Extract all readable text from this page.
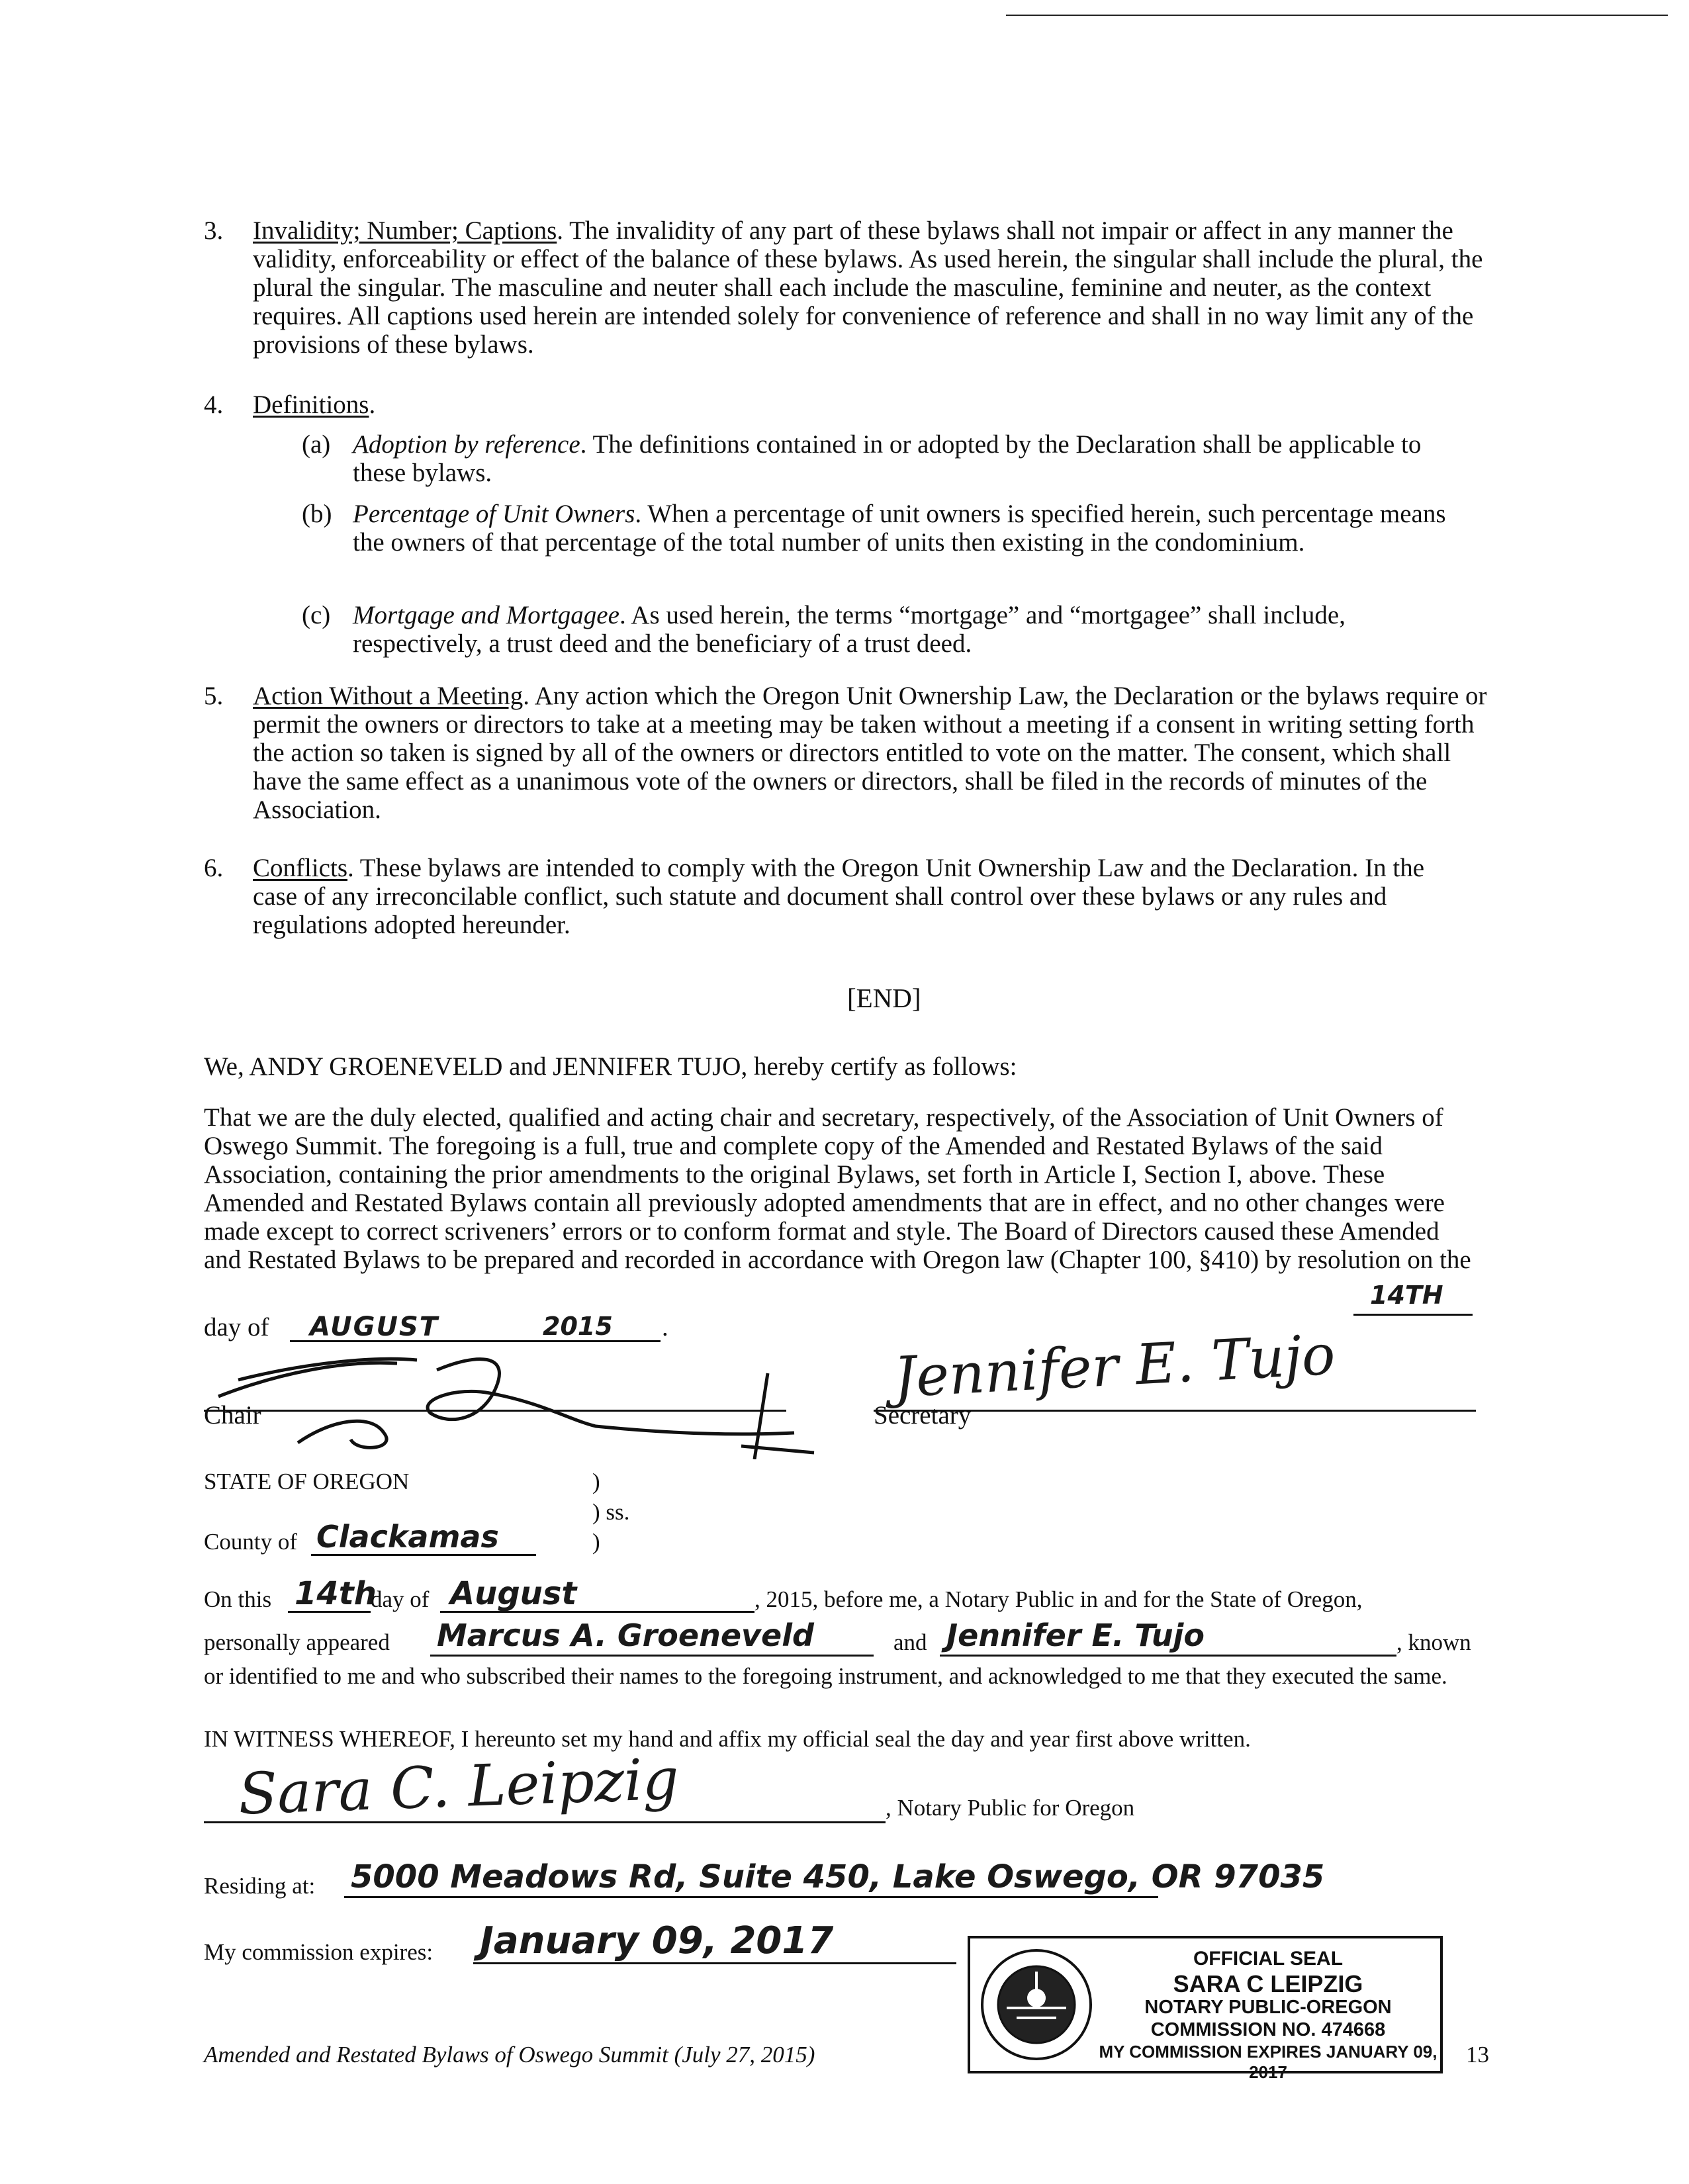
3. Invalidity; Number; Captions. The invalidity of any part of these bylaws shall not impair or affect in any manner the validity, enforceability or effect of the balance of these bylaws. As used herein, the singular shall include the plural, the plural the singular. The masculine and neuter shall each include the masculine, feminine and neuter, as the context requires. All captions used herein are intended solely for convenience of reference and shall in no way limit any of the provisions of these bylaws.
4. Definitions.
(a) Adoption by reference. The definitions contained in or adopted by the Declaration shall be applicable to these bylaws.
(b) Percentage of Unit Owners. When a percentage of unit owners is specified herein, such percentage means the owners of that percentage of the total number of units then existing in the condominium.
(c) Mortgage and Mortgagee. As used herein, the terms “mortgage” and “mortgagee” shall include, respectively, a trust deed and the beneficiary of a trust deed.
5. Action Without a Meeting. Any action which the Oregon Unit Ownership Law, the Declaration or the bylaws require or permit the owners or directors to take at a meeting may be taken without a meeting if a consent in writing setting forth the action so taken is signed by all of the owners or directors entitled to vote on the matter. The consent, which shall have the same effect as a unanimous vote of the owners or directors, shall be filed in the records of minutes of the Association.
6. Conflicts. These bylaws are intended to comply with the Oregon Unit Ownership Law and the Declaration. In the case of any irreconcilable conflict, such statute and document shall control over these bylaws or any rules and regulations adopted hereunder.
[END]
We, ANDY GROENEVELD and JENNIFER TUJO, hereby certify as follows:
That we are the duly elected, qualified and acting chair and secretary, respectively, of the Association of Unit Owners of Oswego Summit. The foregoing is a full, true and complete copy of the Amended and Restated Bylaws of the said Association, containing the prior amendments to the original Bylaws, set forth in Article I, Section I, above. These Amended and Restated Bylaws contain all previously adopted amendments that are in effect, and no other changes were made except to correct scriveners’ errors or to conform format and style. The Board of Directors caused these Amended and Restated Bylaws to be prepared and recorded in accordance with Oregon law (Chapter 100, §410) by resolution on the
14TH
day of AUGUST	2015 .
Chair
Jennifer E. Tujo
Secretary
STATE OF OREGON	)
) ss.
County of Clackamas	)
On this 14th
day of August	, 2015, before me, a Notary Public in and for the State of Oregon,
personally appeared Marcus A. Groeneveld	and Jennifer E. Tujo	, known
or identified to me and who subscribed their names to the foregoing instrument, and acknowledged to me that they executed the same.
IN WITNESS WHEREOF, I hereunto set my hand and affix my official seal the day and year first above written.
Sara C. Leipzig	, Notary Public for Oregon
Residing at: 5000 Meadows Rd, Suite 450, Lake Oswego, OR 97035
My commission expires: January 09, 2017	OFFICIAL SEAL
SARA C LEIPZIG
NOTARY PUBLIC-OREGON
COMMISSION NO. 474668
MY COMMISSION EXPIRES JANUARY 09, 2017
Amended and Restated Bylaws of Oswego Summit (July 27, 2015)	13
